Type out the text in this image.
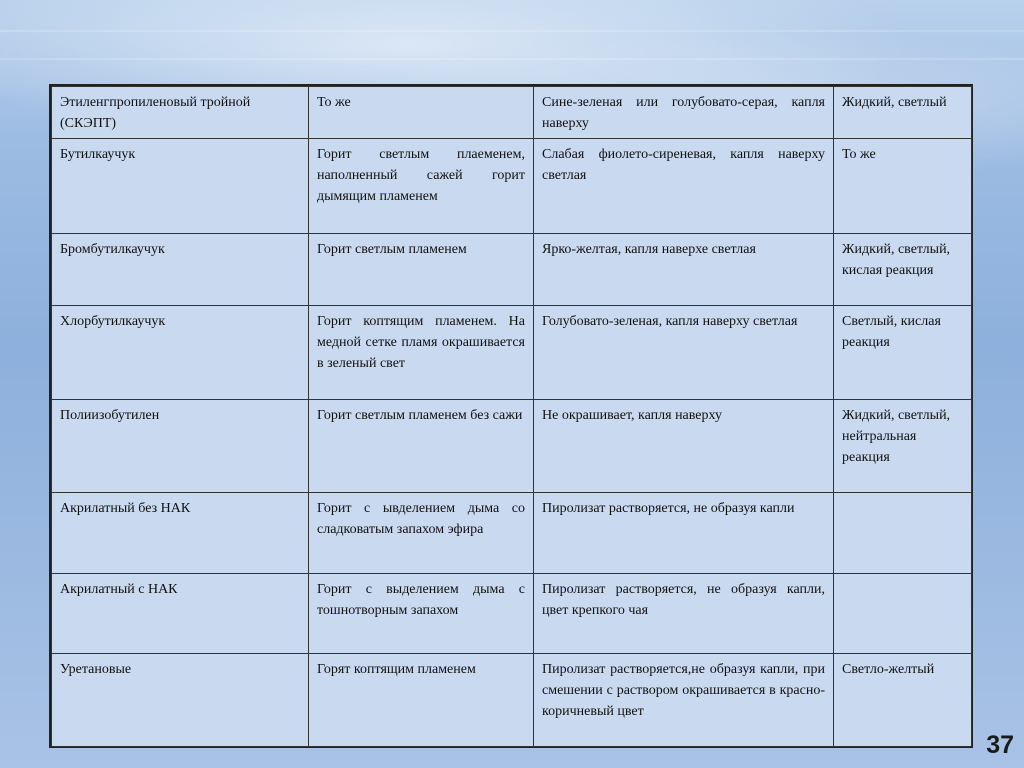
Этиленгпропиленовый тройной (СКЭПТ)	То же	Сине-зеленая или голубовато-серая, капля наверху	Жидкий, светлый
Бутилкаучук	Горит светлым плаеменем, наполненный сажей горит дымящим пламенем	Слабая фиолето-сиреневая, капля наверху светлая	То же
Бромбутилкаучук	Горит светлым пламенем	Ярко-желтая, капля наверхе светлая	Жидкий, светлый, кислая реакция
Хлорбутилкаучук	Горит коптящим пламенем. На медной сетке пламя окрашивается в зеленый свет	Голубовато-зеленая, капля наверху светлая	Светлый, кислая реакция
Полиизобутилен	Горит светлым пламенем без сажи	Не окрашивает, капля наверху	Жидкий, светлый, нейтральная реакция
Акрилатный без НАК	Горит с ывделением дыма со сладковатым запахом эфира	Пиролизат растворяется, не образуя капли	
Акрилатный с НАК	Горит с выделением дыма с тошнотворным запахом	Пиролизат растворяется, не образуя капли, цвет крепкого чая	
Уретановые	Горят коптящим пламенем	Пиролизат растворяется,не образуя капли, при смешении с раствором окрашивается в красно-коричневый цвет	Светло-желтый
37
